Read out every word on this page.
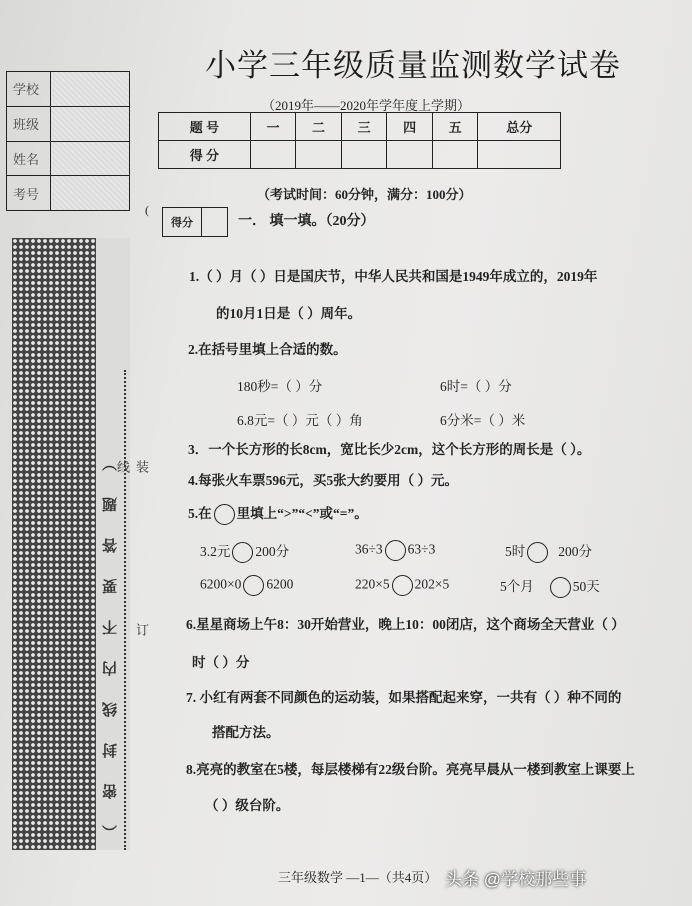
小学三年级质量监测数学试卷
（2019年——2020年学年度上学期）
题 号	一	二	三	四	五	总分
得 分						
学校	
班级	
姓名	
考号	
（密封线内不要答题）	装订线
（考试时间：60分钟，满分：100分）
(
得分	一． 填一填。（20分）
1.（ ）月（ ）日是国庆节，中华人民共和国是1949年成立的，2019年
的10月1日是（ ）周年。
2.在括号里填上合适的数。
180秒=（ ）分	6时=（ ）分
6.8元=（ ）元（ ）角	6分米=（ ）米
3．一个长方形的长8cm，宽比长少2cm，这个长方形的周长是（ ）。
4.每张火车票596元，买5张大约要用（ ）元。
5.在 里填上“>”“<”或“=”。
3.2元 200分	36÷3 63÷3	5时 200分
6200×0 6200	220×5 202×5	5个月	50天
6.星星商场上午8：30开始营业，晚上10：00闭店，这个商场全天营业（ ）
时（ ）分
7. 小红有两套不同颜色的运动装，如果搭配起来穿，一共有（ ）种不同的
搭配方法。
8.亮亮的教室在5楼，每层楼梯有22级台阶。亮亮早晨从一楼到教室上课要上
（ ）级台阶。
三年级数学 —1—（共4页） 头条 @学校那些事
